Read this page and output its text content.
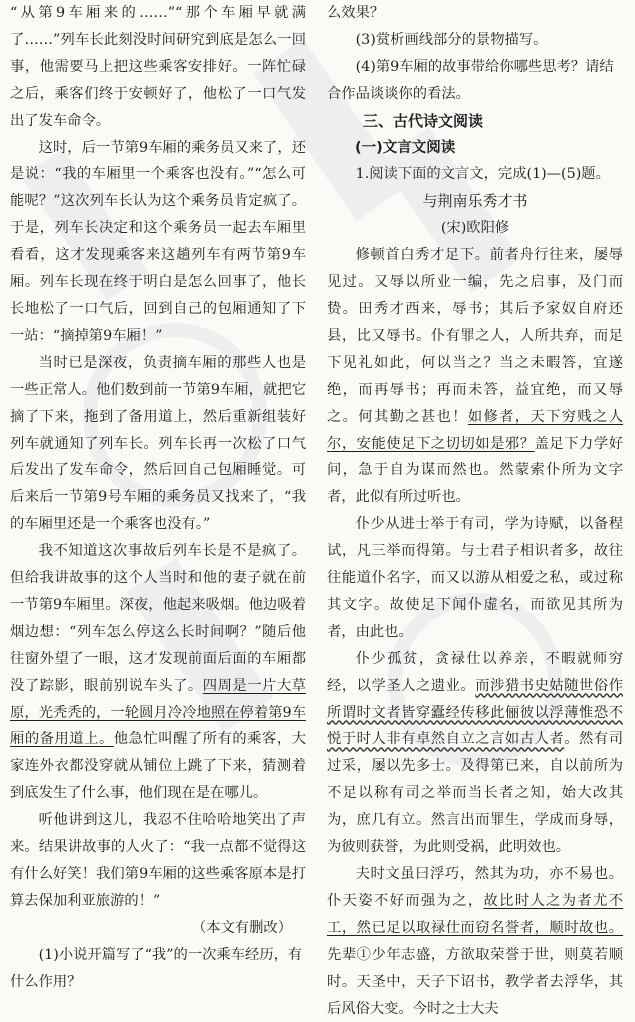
“从第9车厢来的……”“那个车厢早就满了……”列车长此刻没时间研究到底是怎么一回事，他需要马上把这些乘客安排好。一阵忙碌之后，乘客们终于安顿好了，他松了一口气发出了发车命令。

这时，后一节第9车厢的乘务员又来了，还是说：“我的车厢里一个乘客也没有。”“怎么可能呢？”这次列车长认为这个乘务员肯定疯了。于是，列车长决定和这个乘务员一起去车厢里看看，这才发现乘客来这趟列车有两节第9车厢。列车长现在终于明白是怎么回事了，他长长地松了一口气后，回到自己的包厢通知了下一站：“摘掉第9车厢！”

当时已是深夜，负责摘车厢的那些人也是一些正常人。他们数到前一节第9车厢，就把它摘了下来，拖到了备用道上，然后重新组装好列车就通知了列车长。列车长再一次松了口气后发出了发车命令，然后回自己包厢睡觉。可后来后一节第9号车厢的乘务员又找来了，“我的车厢里还是一个乘客也没有。”

我不知道这次事故后列车长是不是疯了。但给我讲故事的这个人当时和他的妻子就在前一节第9车厢里。深夜，他起来吸烟。他边吸着烟边想：“列车怎么停这么长时间啊？”随后他往窗外望了一眼，这才发现前面后面的车厢都没了踪影，眼前别说车头了。四周是一片大草原，光秃秃的，一轮圆月冷冷地照在停着第9车厢的备用道上。他急忙叫醒了所有的乘客，大家连外衣都没穿就从铺位上跳了下来，猜测着到底发生了什么事，他们现在是在哪儿。

听他讲到这儿，我忍不住哈哈地笑出了声来。结果讲故事的人火了：“我一点都不觉得这有什么好笑！我们第9车厢的这些乘客原本是打算去保加利亚旅游的！”

（本文有删改）

(1)小说开篇写了“我”的一次乘车经历，有什么作用？

么效果？

(3)赏析画线部分的景物描写。

(4)第9车厢的故事带给你哪些思考？请结合作品谈谈你的看法。

三、古代诗文阅读

(一)文言文阅读

1.阅读下面的文言文，完成(1)—(5)题。

与荆南乐秀才书

(宋)欧阳修

修顿首白秀才足下。前者舟行往来，屡辱见过。又辱以所业一编，先之启事，及门而贽。田秀才西来，辱书；其后予家奴自府还县，比又辱书。仆有罪之人，人所共弃，而足下见礼如此，何以当之？当之未暇答，宜遂绝，而再辱书；再而未答，益宜绝，而又辱之。何其勤之甚也！如修者，天下穷贱之人尔，安能使足下之切切如是邪？盖足下力学好问，急于自为谋而然也。然蒙索仆所为文字者，此似有所过听也。

仆少从进士举于有司，学为诗赋，以备程试，凡三举而得第。与士君子相识者多，故往往能道仆名字，而又以游从相爱之私，或过称其文字。故使足下闻仆虚名，而欲见其所为者，由此也。

仆少孤贫，贪禄仕以养亲，不暇就师穷经，以学圣人之遗业。而涉猎书史姑随世俗作所谓时文者皆穿蠹经传移此俪彼以浮薄惟恐不悦于时人非有卓然自立之言如古人者。然有司过采，屡以先多士。及得第已来，自以前所为不足以称有司之举而当长者之知，始大改其为，庶几有立。然言出而罪生，学成而身辱，为彼则获誉，为此则受祸，此明效也。

夫时文虽曰浮巧，然其为功，亦不易也。仆天姿不好而强为之，故比时人之为者尤不工，然已足以取禄仕而窃名誉者，顺时故也。先辈①少年志盛，方欲取荣誉于世，则莫若顺时。天圣中，天子下诏书，教学者去浮华，其后风俗大变。今时之士大夫
